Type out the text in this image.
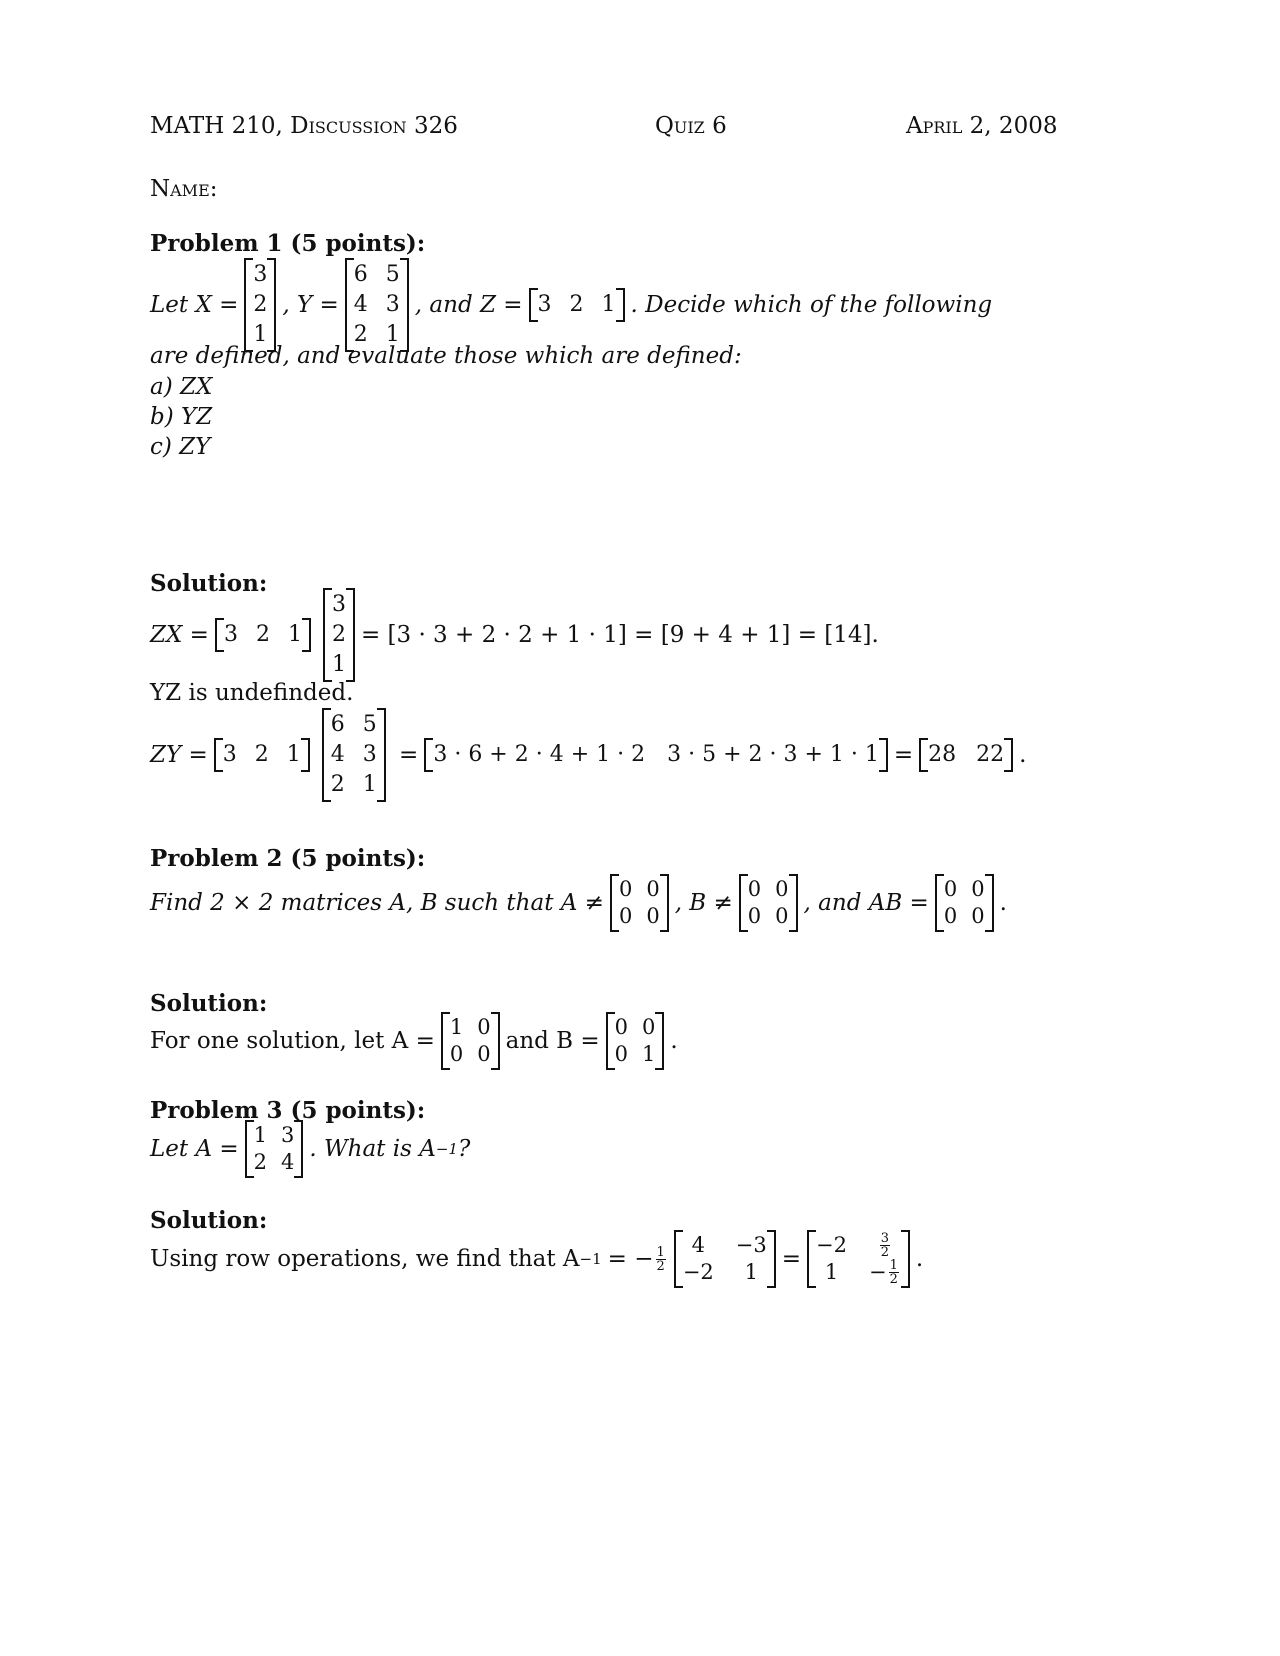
MATH 210, Discussion 326	Quiz 6	April 2, 2008
Name:
Problem 1 (5 points):
Let X =
3
2
1
, Y =
6 5
4 3
2 1
, and Z = 3 2 1 . Decide which of the following
are defined, and evaluate those which are defined:
a) ZX
b) YZ
c) ZY
Solution:
ZX = 3 2 1
3
2
1
= [3 · 3 + 2 · 2 + 1 · 1] = [9 + 4 + 1] = [14].
YZ is undefinded.
ZY = 3 2 1
6 5
4 3
2 1
= 3 · 6 + 2 · 4 + 1 · 2 3 · 5 + 2 · 3 + 1 · 1 = 28 22 .
Problem 2 (5 points):
Find 2 × 2 matrices A, B such that A ≠
0 0
0 0 , B ≠
0 0
0 0 , and AB =
0 0
0 0 .
Solution:
For one solution, let A =
1 0
0 0 and B =
0 0
0 1 .
Problem 3 (5 points):
Let A =
1 3
2 4 . What is A −1 ?
Solution:
Using row operations, we find that A −1 = − $\frac{1}{2}$
4	−3
−2	1	=
$-2 \frac{3}{2}$
1	− $\frac{1}{2}$ .
